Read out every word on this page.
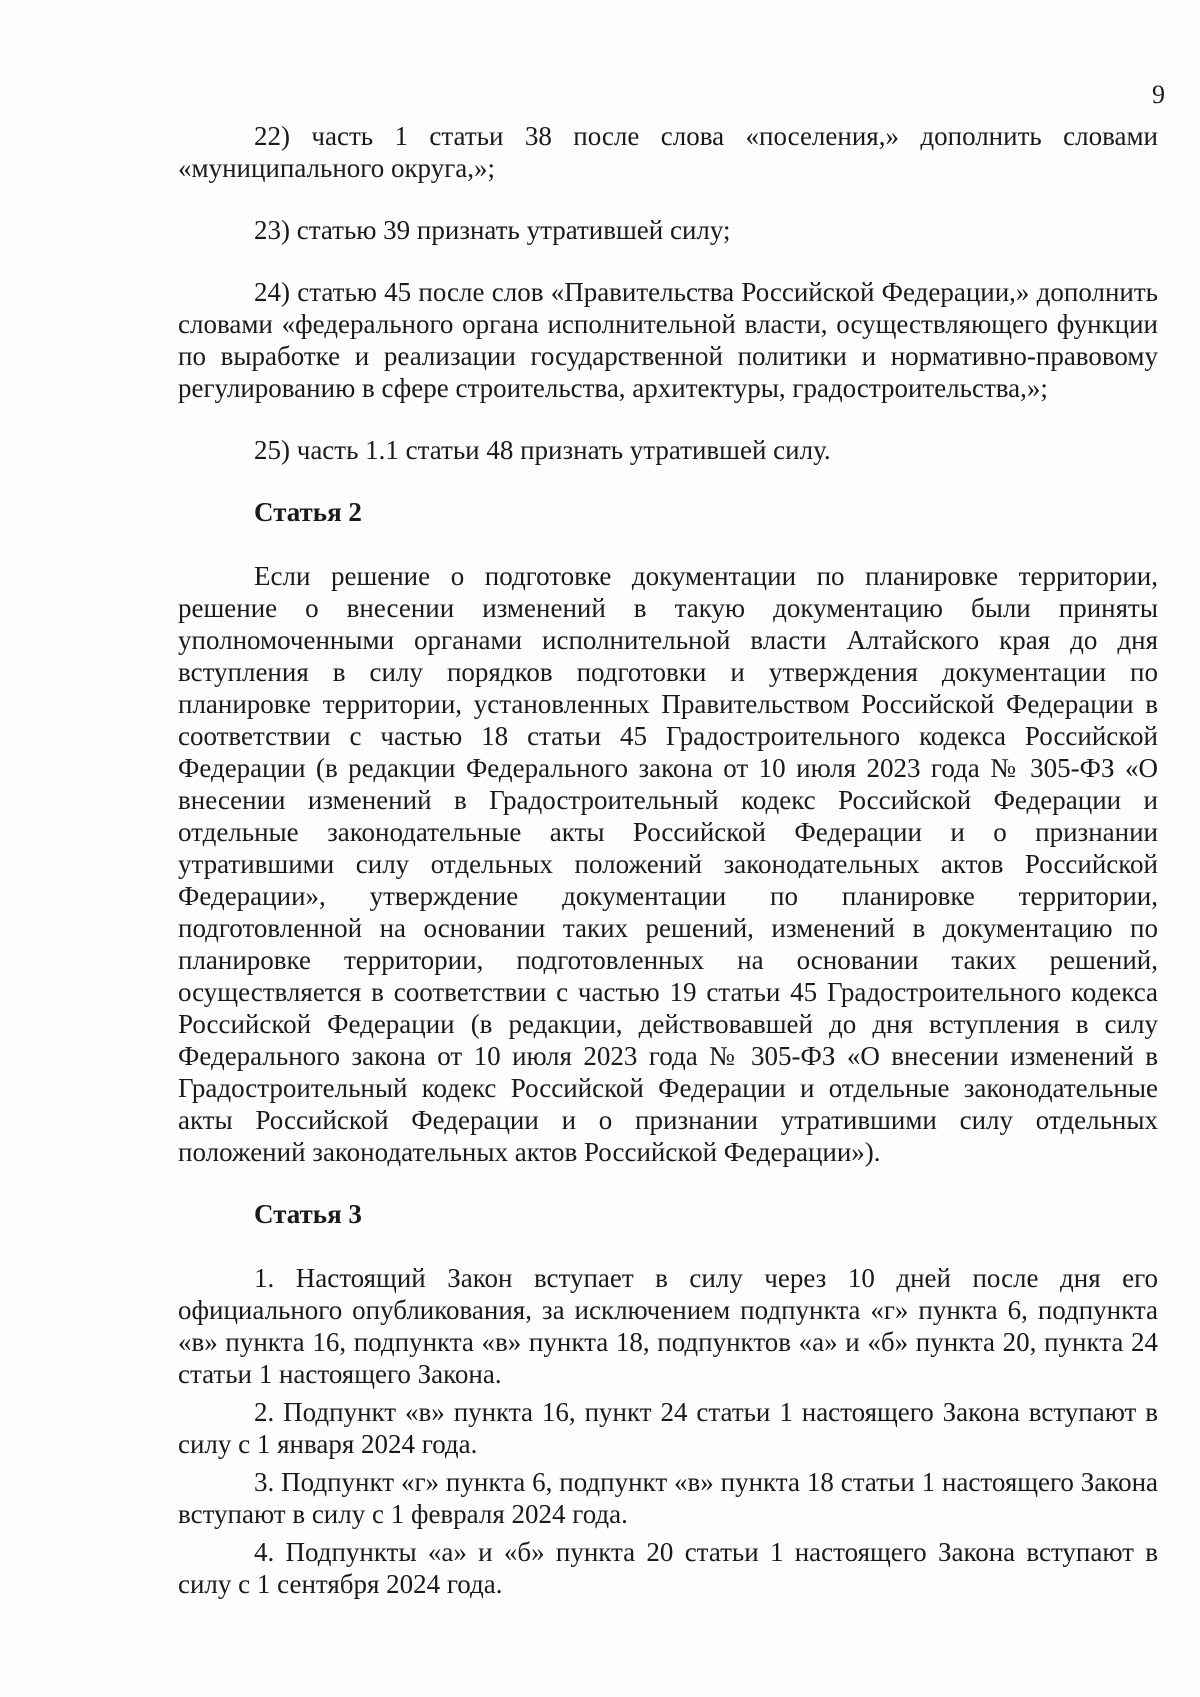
9

22) часть 1 статьи 38 после слова «поселения,» дополнить словами «муниципального округа,»;

23) статью 39 признать утратившей силу;

24) статью 45 после слов «Правительства Российской Федерации,» дополнить словами «федерального органа исполнительной власти, осуществляющего функции по выработке и реализации государственной политики и нормативно-правовому регулированию в сфере строительства, архитектуры, градостроительства,»;

25) часть 1.1 статьи 48 признать утратившей силу.

Статья 2

Если решение о подготовке документации по планировке территории, решение о внесении изменений в такую документацию были приняты уполномоченными органами исполнительной власти Алтайского края до дня вступления в силу порядков подготовки и утверждения документации по планировке территории, установленных Правительством Российской Федерации в соответствии с частью 18 статьи 45 Градостроительного кодекса Российской Федерации (в редакции Федерального закона от 10 июля 2023 года № 305-ФЗ «О внесении изменений в Градостроительный кодекс Российской Федерации и отдельные законодательные акты Российской Федерации и о признании утратившими силу отдельных положений законодательных актов Российской Федерации», утверждение документации по планировке территории, подготовленной на основании таких решений, изменений в документацию по планировке территории, подготовленных на основании таких решений, осуществляется в соответствии с частью 19 статьи 45 Градостроительного кодекса Российской Федерации (в редакции, действовавшей до дня вступления в силу Федерального закона от 10 июля 2023 года № 305-ФЗ «О внесении изменений в Градостроительный кодекс Российской Федерации и отдельные законодательные акты Российской Федерации и о признании утратившими силу отдельных положений законодательных актов Российской Федерации»).

Статья 3

1. Настоящий Закон вступает в силу через 10 дней после дня его официального опубликования, за исключением подпункта «г» пункта 6, подпункта «в» пункта 16, подпункта «в» пункта 18, подпунктов «а» и «б» пункта 20, пункта 24 статьи 1 настоящего Закона.

2. Подпункт «в» пункта 16, пункт 24 статьи 1 настоящего Закона вступают в силу с 1 января 2024 года.

3. Подпункт «г» пункта 6, подпункт «в» пункта 18 статьи 1 настоящего Закона вступают в силу с 1 февраля 2024 года.

4. Подпункты «а» и «б» пункта 20 статьи 1 настоящего Закона вступают в силу с 1 сентября 2024 года.
